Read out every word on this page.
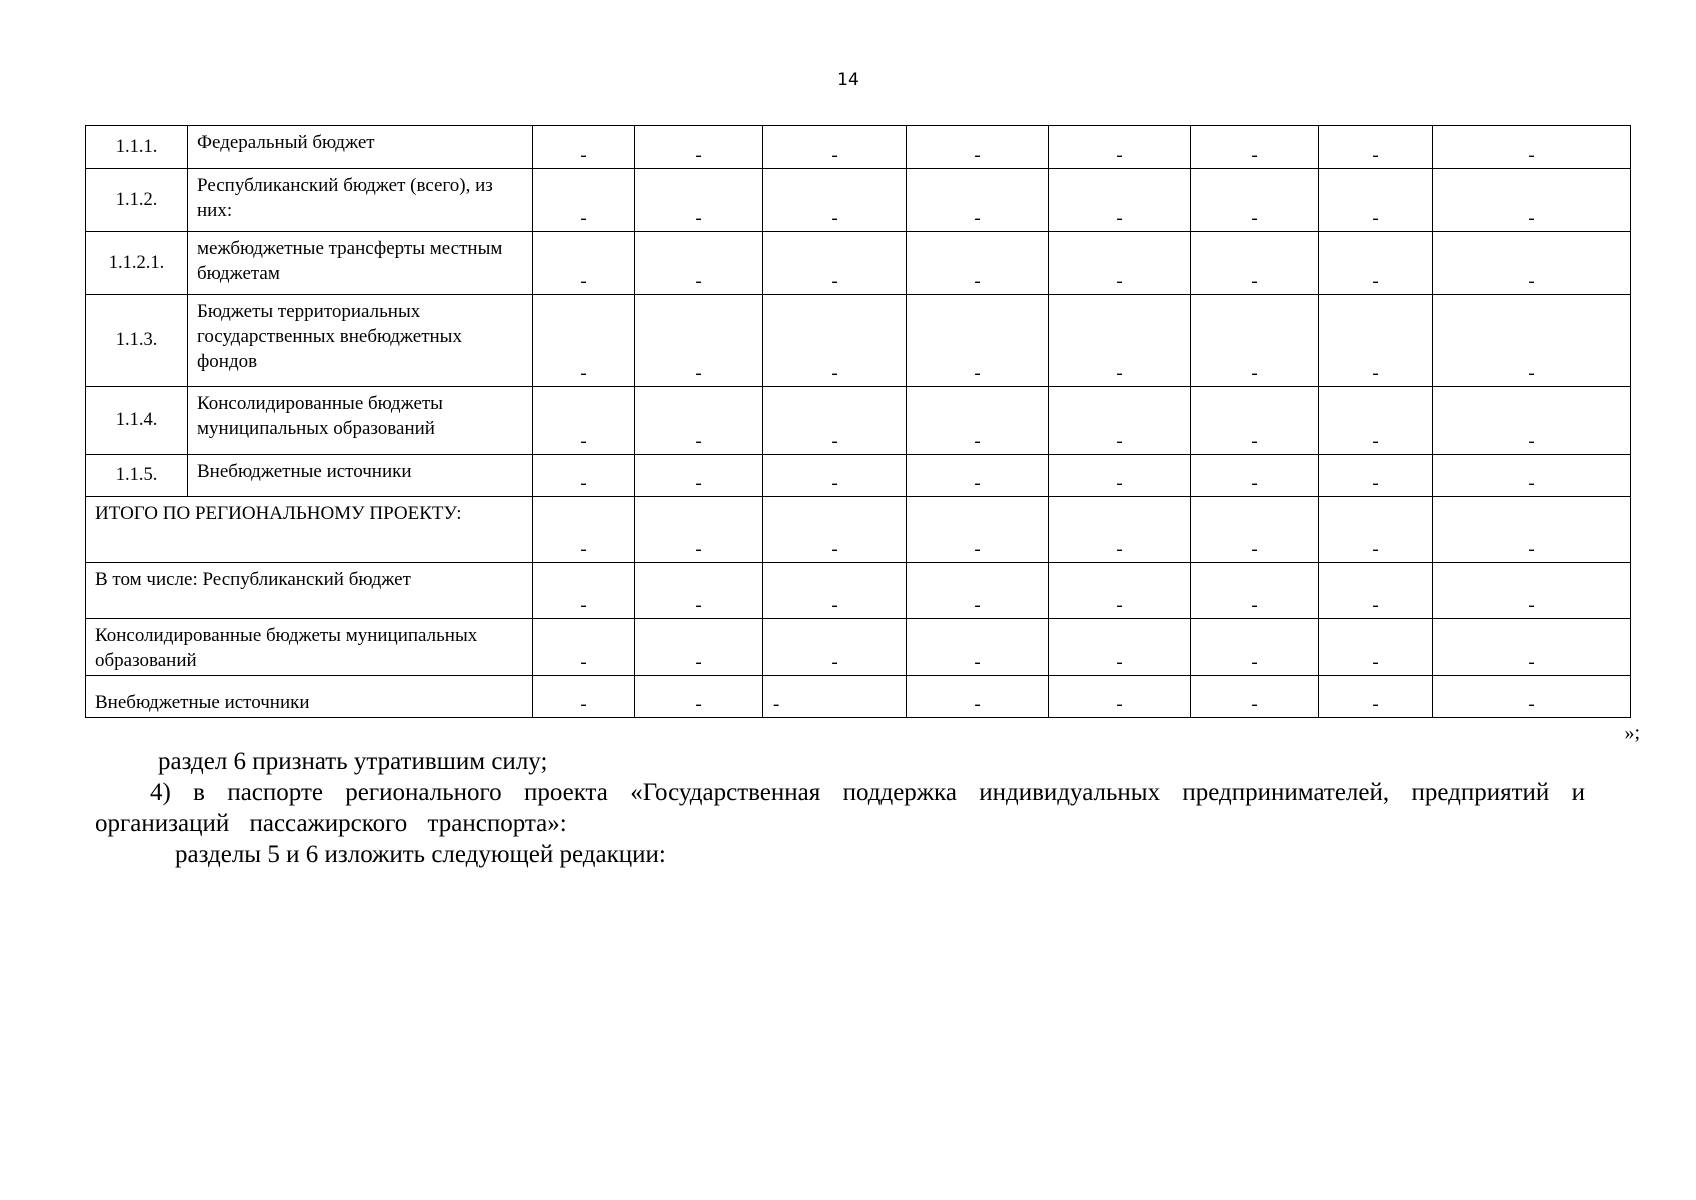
14
1.1.1.	Федеральный бюджет	-	-	-	-	-	-	-	-
1.1.2.	Республиканский бюджет (всего), из них:	-	-	-	-	-	-	-	-
1.1.2.1.	межбюджетные трансферты местным бюджетам	-	-	-	-	-	-	-	-
1.1.3.	Бюджеты территориальных государственных внебюджетных фондов	-	-	-	-	-	-	-	-
1.1.4.	Консолидированные бюджеты муниципальных образований	-	-	-	-	-	-	-	-
1.1.5.	Внебюджетные источники	-	-	-	-	-	-	-	-
ИТОГО ПО РЕГИОНАЛЬНОМУ ПРОЕКТУ:		-	-	-	-	-	-	-	-
В том числе: Республиканский бюджет		-	-	-	-	-	-	-	-
Консолидированные бюджеты муниципальных образований		-	-	-	-	-	-	-	-
Внебюджетные источники		-	-	-	-	-	-	-	-
»;

раздел 6 признать утратившим силу;

4) в паспорте регионального проекта «Государственная поддержка индивидуальных предпринимателей, предприятий и организаций пассажирского транспорта»:

разделы 5 и 6 изложить следующей редакции:
